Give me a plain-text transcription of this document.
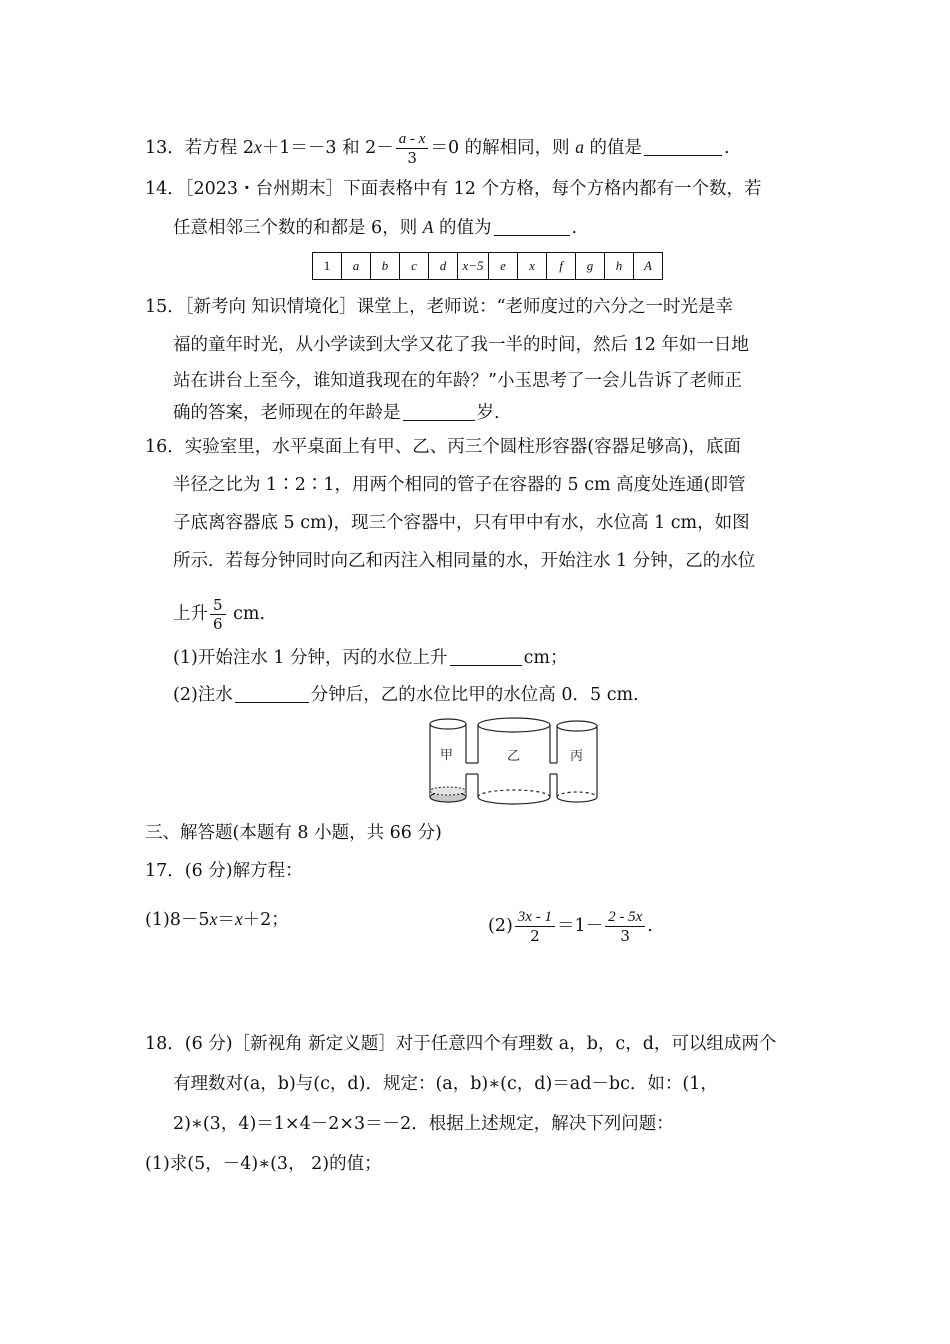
13．若方程 2x＋1＝－3 和 $2- \frac{a - x}{3} =0$ 的解相同，则 a 的值是	.
14．［2023・台州期末］下面表格中有 12 个方格，每个方格内都有一个数，若
任意相邻三个数的和都是 6，则 A 的值为	.
1	a	b	c	d	x−5	e	x	f	g	h	A
15．［新考向 知识情境化］课堂上，老师说：“老师度过的六分之一时光是幸
福的童年时光，从小学读到大学又花了我一半的时间，然后 12 年如一日地
站在讲台上至今，谁知道我现在的年龄？”小玉思考了一会儿告诉了老师正
确的答案，老师现在的年龄是	岁.
16．实验室里，水平桌面上有甲、乙、丙三个圆柱形容器(容器足够高)，底面
半径之比为 1∶2∶1，用两个相同的管子在容器的 5 cm 高度处连通(即管
子底离容器底 5 cm)，现三个容器中，只有甲中有水，水位高 1 cm，如图
所示．若每分钟同时向乙和丙注入相同量的水，开始注水 1 分钟，乙的水位
上升 $\frac{5}{6}$ cm.
(1)开始注水 1 分钟，丙的水位上升	cm；
(2)注水	分钟后，乙的水位比甲的水位高 0．5 cm.
甲	乙	丙
三、解答题(本题有 8 小题，共 66 分)
17．(6 分)解方程：
(1)8－5x＝x＋2；	$(2) \frac{3x - 1}{2} =1- \frac{2 - 5x}{3}$ .
18．(6 分)［新视角 新定义题］对于任意四个有理数 a，b，c，d，可以组成两个
有理数对(a，b)与(c，d)．规定：(a，b)∗(c，d)＝ad－bc．如：(1，
2)∗(3，4)＝1×4－2×3＝－2．根据上述规定，解决下列问题：
(1)求(5，－4)∗(3， 2)的值；
